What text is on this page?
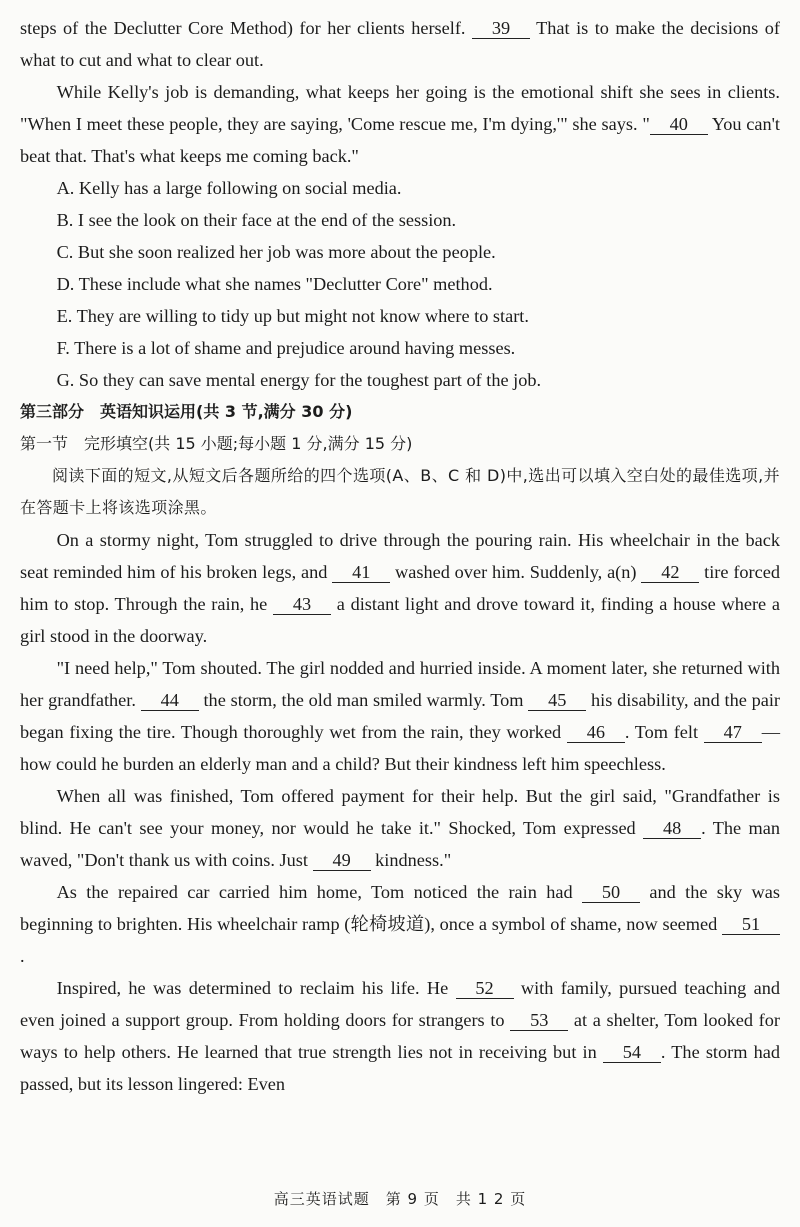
steps of the Declutter Core Method) for her clients herself. 39 That is to make the decisions of what to cut and what to clear out.

While Kelly's job is demanding, what keeps her going is the emotional shift she sees in clients. "When I meet these people, they are saying, 'Come rescue me, I'm dying,'" she says. " 40 You can't beat that. That's what keeps me coming back."

A. Kelly has a large following on social media.

B. I see the look on their face at the end of the session.

C. But she soon realized her job was more about the people.

D. These include what she names "Declutter Core" method.

E. They are willing to tidy up but might not know where to start.

F. There is a lot of shame and prejudice around having messes.

G. So they can save mental energy for the toughest part of the job.

第三部分　英语知识运用(共 3 节,满分 30 分)

第一节　完形填空(共 15 小题;每小题 1 分,满分 15 分)

阅读下面的短文,从短文后各题所给的四个选项(A、B、C 和 D)中,选出可以填入空白处的最佳选项,并在答题卡上将该选项涂黑。

On a stormy night, Tom struggled to drive through the pouring rain. His wheelchair in the back seat reminded him of his broken legs, and 41 washed over him. Suddenly, a(n) 42 tire forced him to stop. Through the rain, he 43 a distant light and drove toward it, finding a house where a girl stood in the doorway.

"I need help," Tom shouted. The girl nodded and hurried inside. A moment later, she returned with her grandfather. 44 the storm, the old man smiled warmly. Tom 45 his disability, and the pair began fixing the tire. Though thoroughly wet from the rain, they worked 46 . Tom felt 47 —how could he burden an elderly man and a child? But their kindness left him speechless.

When all was finished, Tom offered payment for their help. But the girl said, "Grandfather is blind. He can't see your money, nor would he take it." Shocked, Tom expressed 48 . The man waved, "Don't thank us with coins. Just 49 kindness."

As the repaired car carried him home, Tom noticed the rain had 50 and the sky was beginning to brighten. His wheelchair ramp (轮椅坡道), once a symbol of shame, now seemed 51.

Inspired, he was determined to reclaim his life. He 52 with family, pursued teaching and even joined a support group. From holding doors for strangers to 53 at a shelter, Tom looked for ways to help others. He learned that true strength lies not in receiving but in 54 . The storm had passed, but its lesson lingered: Even

高三英语试题　第 9 页　共 1 2 页
